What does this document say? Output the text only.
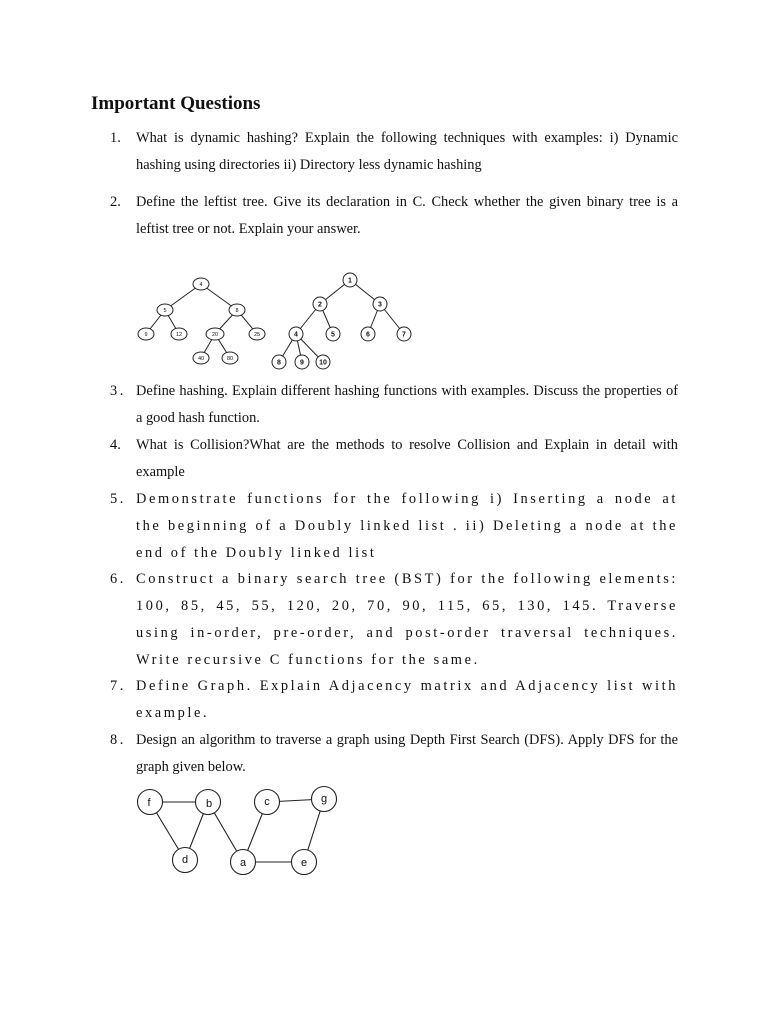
Important Questions
1. What is dynamic hashing? Explain the following techniques with examples: i) Dynamic hashing using directories ii) Directory less dynamic hashing
2. Define the leftist tree. Give its declaration in C. Check whether the given binary tree is a leftist tree or not. Explain your answer.
4
5	8
9	12	20	25
40	80
1
2	3
4	5	6	7
8	9 10
3. Define hashing. Explain different hashing functions with examples. Discuss the properties of a good hash function.
4. What is Collision?What are the methods to resolve Collision and Explain in detail with example
5. Demonstrate functions for the following i) Inserting a node at the beginning of a Doubly linked list . ii) Deleting a node at the end of the Doubly linked list
6. Construct a binary search tree (BST) for the following elements: 100, 85, 45, 55, 120, 20, 70, 90, 115, 65, 130, 145. Traverse using in-order, pre-order, and post-order traversal techniques. Write recursive C functions for the same.
7. Define Graph. Explain Adjacency matrix and Adjacency list with example.
8. Design an algorithm to traverse a graph using Depth First Search (DFS). Apply DFS for the graph given below.
f	b	c	g
d	a	e
